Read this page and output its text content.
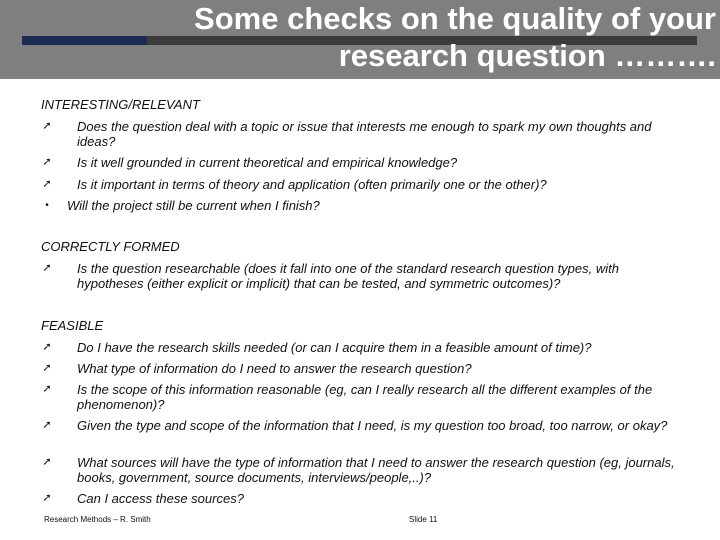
Some checks on the quality of your
research question ……….
INTERESTING/RELEVANT
➚ Does the question deal with a topic or issue that interests me enough to spark my own thoughts and ideas?
➚ Is it well grounded in current theoretical and empirical knowledge?
➚ Is it important in terms of theory and application (often primarily one or the other)?
•	Will the project still be current when I finish?
CORRECTLY FORMED
➚ Is the question researchable (does it fall into one of the standard research question types, with hypotheses (either explicit or implicit) that can be tested, and symmetric outcomes)?
FEASIBLE
➚ Do I have the research skills needed (or can I acquire them in a feasible amount of time)?
➚ What type of information do I need to answer the research question?
➚ Is the scope of this information reasonable (eg, can I really research all the different examples of the phenomenon)?
➚ Given the type and scope of the information that I need, is my question too broad, too narrow, or okay?
➚ What sources will have the type of information that I need to answer the research question (eg, journals, books, government, source documents, interviews/people,..)?
➚ Can I access these sources?
Research Methods – R. Smith	Slide 11
